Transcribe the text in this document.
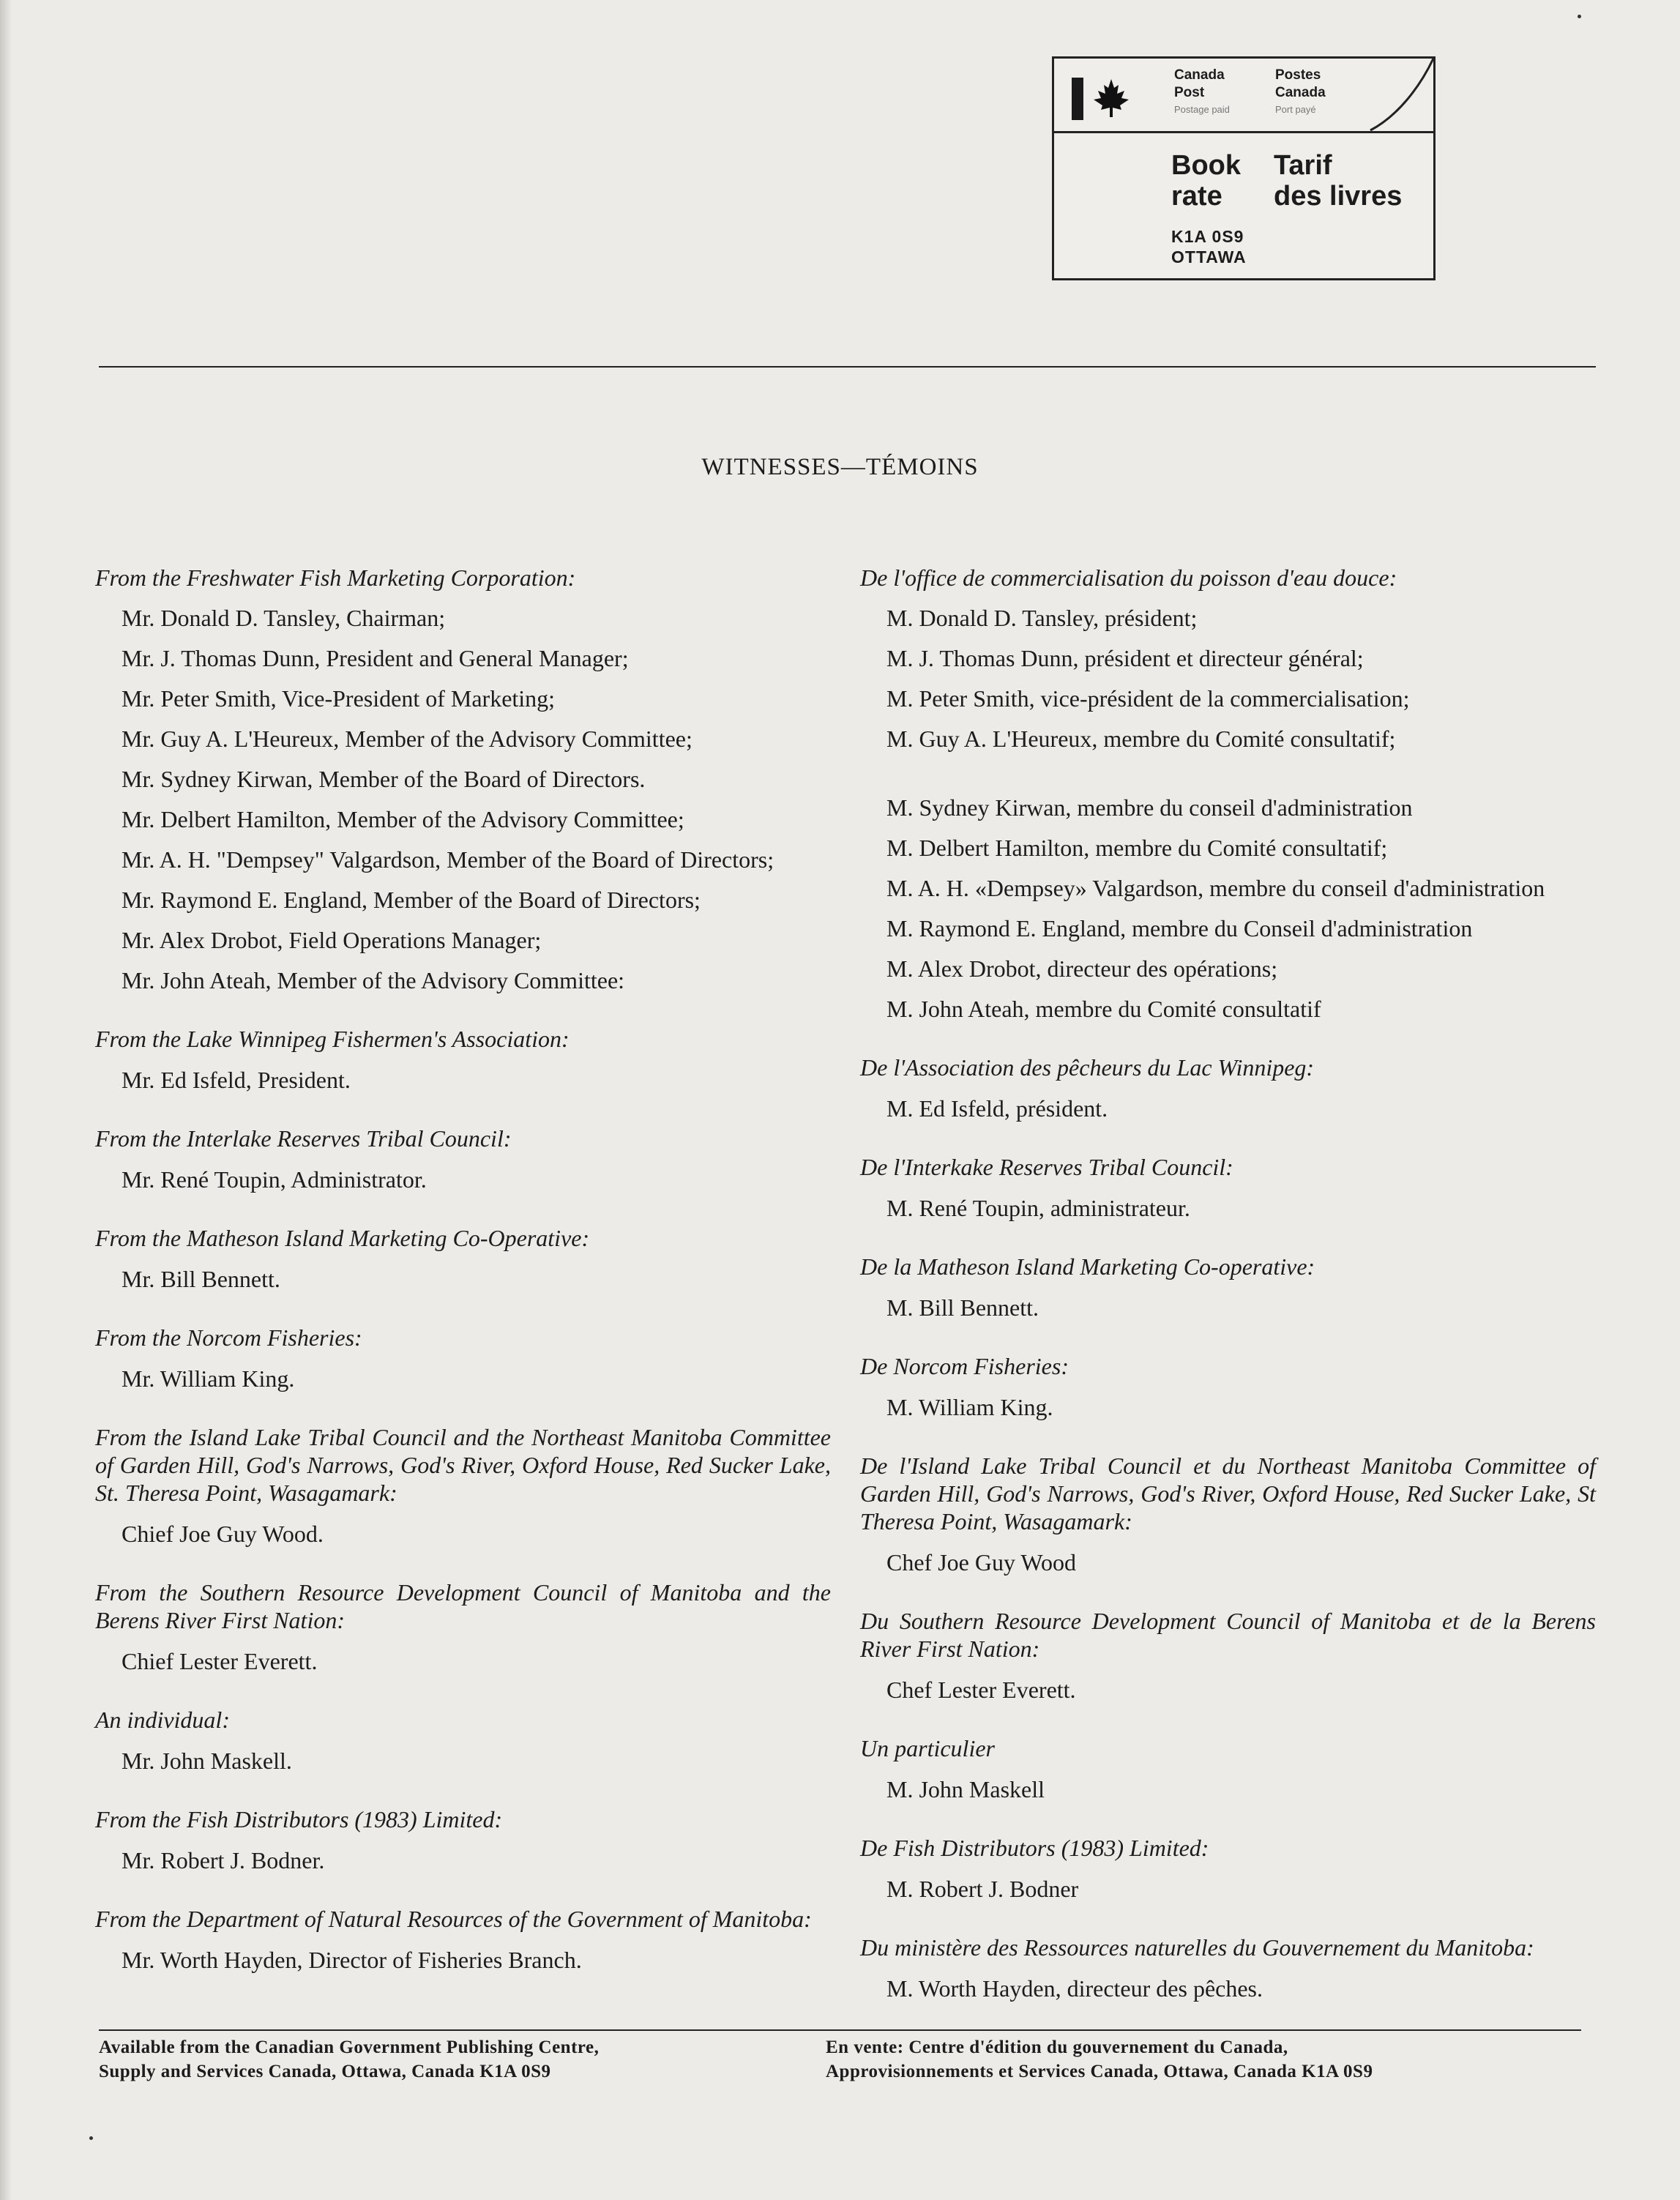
Canada
Post
Postage paid
Postes
Canada
Port payé
Book
rate
Tarif
des livres
K1A 0S9
OTTAWA
WITNESSES—TÉMOINS
From the Freshwater Fish Marketing Corporation:
Mr. Donald D. Tansley, Chairman;
Mr. J. Thomas Dunn, President and General Manager;
Mr. Peter Smith, Vice-President of Marketing;
Mr. Guy A. L'Heureux, Member of the Advisory Committee;
Mr. Sydney Kirwan, Member of the Board of Directors.
Mr. Delbert Hamilton, Member of the Advisory Committee;
Mr. A. H. "Dempsey" Valgardson, Member of the Board of Directors;
Mr. Raymond E. England, Member of the Board of Directors;
Mr. Alex Drobot, Field Operations Manager;
Mr. John Ateah, Member of the Advisory Committee:
From the Lake Winnipeg Fishermen's Association:
Mr. Ed Isfeld, President.
From the Interlake Reserves Tribal Council:
Mr. René Toupin, Administrator.
From the Matheson Island Marketing Co-Operative:
Mr. Bill Bennett.
From the Norcom Fisheries:
Mr. William King.
From the Island Lake Tribal Council and the Northeast Manitoba Committee of Garden Hill, God's Narrows, God's River, Oxford House, Red Sucker Lake, St. Theresa Point, Wasagamark:
Chief Joe Guy Wood.
From the Southern Resource Development Council of Manitoba and the Berens River First Nation:
Chief Lester Everett.
An individual:
Mr. John Maskell.
From the Fish Distributors (1983) Limited:
Mr. Robert J. Bodner.
From the Department of Natural Resources of the Government of Manitoba:
Mr. Worth Hayden, Director of Fisheries Branch.
De l'office de commercialisation du poisson d'eau douce:
M. Donald D. Tansley, président;
M. J. Thomas Dunn, président et directeur général;
M. Peter Smith, vice-président de la commercialisation;
M. Guy A. L'Heureux, membre du Comité consultatif;
M. Sydney Kirwan, membre du conseil d'administration
M. Delbert Hamilton, membre du Comité consultatif;
M. A. H. «Dempsey» Valgardson, membre du conseil d'administration
M. Raymond E. England, membre du Conseil d'administration
M. Alex Drobot, directeur des opérations;
M. John Ateah, membre du Comité consultatif
De l'Association des pêcheurs du Lac Winnipeg:
M. Ed Isfeld, président.
De l'Interkake Reserves Tribal Council:
M. René Toupin, administrateur.
De la Matheson Island Marketing Co-operative:
M. Bill Bennett.
De Norcom Fisheries:
M. William King.
De l'Island Lake Tribal Council et du Northeast Manitoba Committee of Garden Hill, God's Narrows, God's River, Oxford House, Red Sucker Lake, St Theresa Point, Wasagamark:
Chef Joe Guy Wood
Du Southern Resource Development Council of Manitoba et de la Berens River First Nation:
Chef Lester Everett.
Un particulier
M. John Maskell
De Fish Distributors (1983) Limited:
M. Robert J. Bodner
Du ministère des Ressources naturelles du Gouvernement du Manitoba:
M. Worth Hayden, directeur des pêches.
Available from the Canadian Government Publishing Centre,
Supply and Services Canada, Ottawa, Canada K1A 0S9
En vente: Centre d'édition du gouvernement du Canada,
Approvisionnements et Services Canada, Ottawa, Canada K1A 0S9
